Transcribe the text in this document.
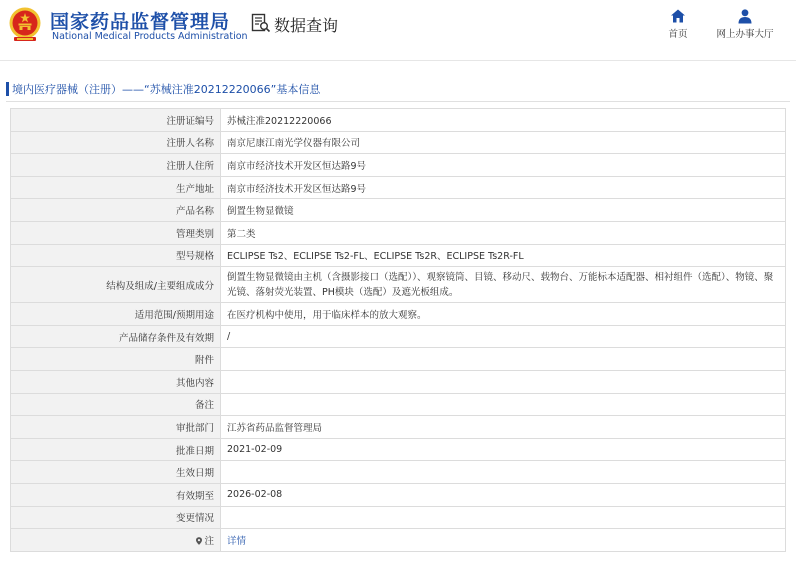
国家药品监督管理局
National Medical Products Administration
数据查询	首页	网上办事大厅
境内医疗器械（注册）——“苏械注准20212220066”基本信息
注册证编号	苏械注准20212220066
注册人名称	南京尼康江南光学仪器有限公司
注册人住所	南京市经济技术开发区恒达路9号
生产地址	南京市经济技术开发区恒达路9号
产品名称	倒置生物显微镜
管理类别	第二类
型号规格	ECLIPSE Ts2、ECLIPSE Ts2-FL、ECLIPSE Ts2R、ECLIPSE Ts2R-FL
结构及组成/主要组成成分	倒置生物显微镜由主机（含摄影接口（选配））、观察镜筒、目镜、移动尺、载物台、万能标本适配器、相衬组件（选配）、物镜、聚光镜、落射荧光装置、PH模块（选配）及遮光板组成。
适用范围/预期用途	在医疗机构中使用，用于临床样本的放大观察。
产品储存条件及有效期	/
附件	
其他内容	
备注	
审批部门	江苏省药品监督管理局
批准日期	2021-02-09
生效日期	
有效期至	2026-02-08
变更情况	
注	详情
